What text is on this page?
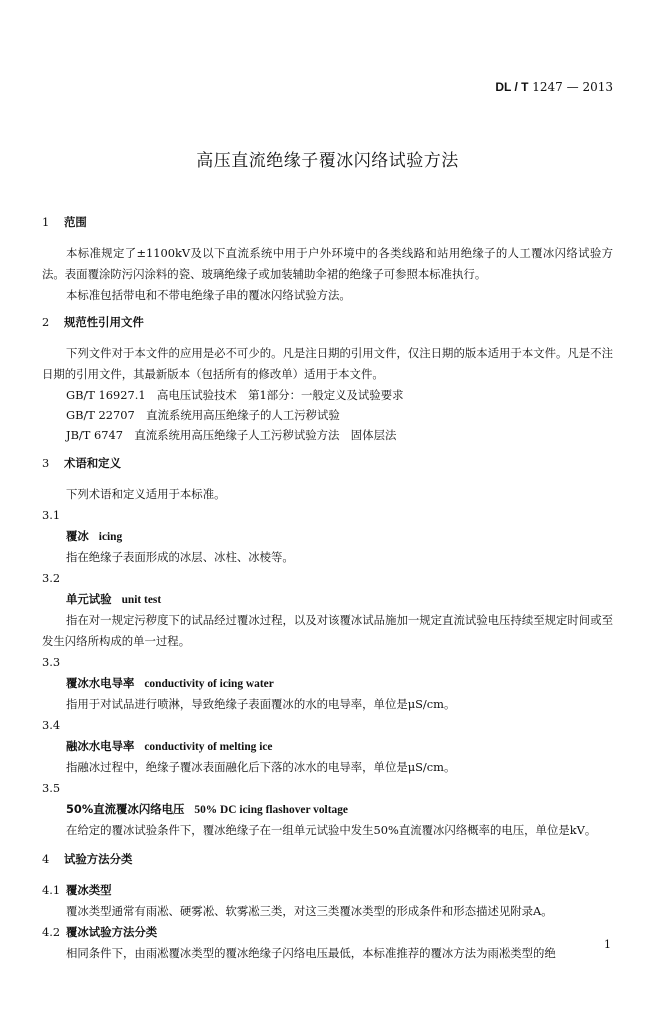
DL / T 1247 — 2013
高压直流绝缘子覆冰闪络试验方法

1 范围

本标准规定了±1100kV及以下直流系统中用于户外环境中的各类线路和站用绝缘子的人工覆冰闪络试验方法。表面覆涂防污闪涂料的瓷、玻璃绝缘子或加装辅助伞裙的绝缘子可参照本标准执行。

本标准包括带电和不带电绝缘子串的覆冰闪络试验方法。

2 规范性引用文件

下列文件对于本文件的应用是必不可少的。凡是注日期的引用文件，仅注日期的版本适用于本文件。凡是不注日期的引用文件，其最新版本（包括所有的修改单）适用于本文件。

GB/T 16927.1　高电压试验技术　第1部分：一般定义及试验要求

GB/T 22707　直流系统用高压绝缘子的人工污秽试验

JB/T 6747　直流系统用高压绝缘子人工污秽试验方法　固体层法

3 术语和定义

下列术语和定义适用于本标准。

3.1

覆冰 icing

指在绝缘子表面形成的冰层、冰柱、冰棱等。

3.2

单元试验 unit test

指在对一规定污秽度下的试品经过覆冰过程，以及对该覆冰试品施加一规定直流试验电压持续至规定时间或至发生闪络所构成的单一过程。

3.3

覆冰水电导率 conductivity of icing water

指用于对试品进行喷淋，导致绝缘子表面覆冰的水的电导率，单位是μS/cm。

3.4

融冰水电导率 conductivity of melting ice

指融冰过程中，绝缘子覆冰表面融化后下落的冰水的电导率，单位是μS/cm。

3.5

50%直流覆冰闪络电压 50% DC icing flashover voltage

在给定的覆冰试验条件下，覆冰绝缘子在一组单元试验中发生50%直流覆冰闪络概率的电压，单位是kV。

4 试验方法分类

4.1 覆冰类型

覆冰类型通常有雨凇、硬雾凇、软雾凇三类，对这三类覆冰类型的形成条件和形态描述见附录A。

4.2 覆冰试验方法分类

相同条件下，由雨凇覆冰类型的覆冰绝缘子闪络电压最低，本标准推荐的覆冰方法为雨凇类型的绝

1
